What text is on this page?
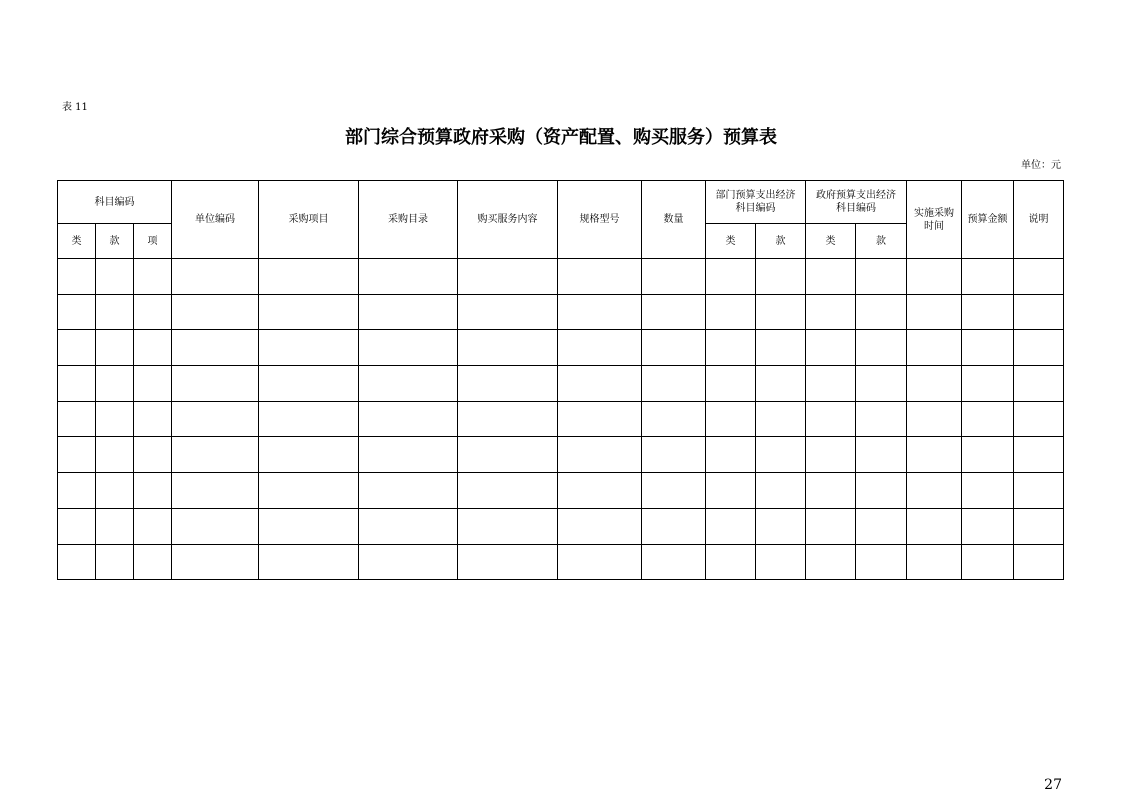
表 11
部门综合预算政府采购（资产配置、购买服务）预算表
单位：元
科目编码			单位编码	采购项目	采购目录	购买服务内容	规格型号	数量	部门预算支出经济科目编码		政府预算支出经济科目编码		实施采购时间	预算金额	说明
类	款	项							类	款	类	款			

27
